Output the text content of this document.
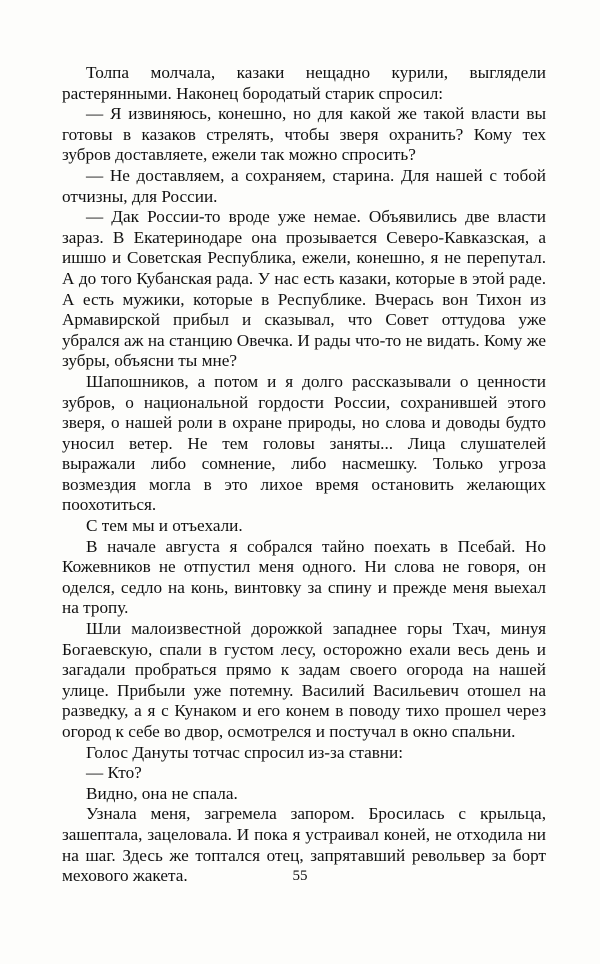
Толпа молчала, казаки нещадно курили, выглядели растерянными. Наконец бородатый старик спросил:

— Я извиняюсь, конешно, но для какой же такой власти вы готовы в казаков стрелять, чтобы зверя охранить? Кому тех зубров доставляете, ежели так можно спросить?

— Не доставляем, а сохраняем, старина. Для нашей с тобой отчизны, для России.

— Дак России-то вроде уже немае. Объявились две власти зараз. В Екатеринодаре она прозывается Северо-Кавказская, а ишшо и Советская Республика, ежели, конешно, я не перепутал. А до того Кубанская рада. У нас есть казаки, которые в этой раде. А есть мужики, которые в Республике. Вчерась вон Тихон из Армавирской прибыл и сказывал, что Совет оттудова уже убрался аж на станцию Овечка. И рады что-то не видать. Кому же зубры, объясни ты мне?

Шапошников, а потом и я долго рассказывали о ценности зубров, о национальной гордости России, сохранившей этого зверя, о нашей роли в охране природы, но слова и доводы будто уносил ветер. Не тем головы заняты... Лица слушателей выражали либо сомнение, либо насмешку. Только угроза возмездия могла в это лихое время остановить желающих поохотиться.

С тем мы и отъехали.

В начале августа я собрался тайно поехать в Псебай. Но Кожевников не отпустил меня одного. Ни слова не говоря, он оделся, седло на конь, винтовку за спину и прежде меня выехал на тропу.

Шли малоизвестной дорожкой западнее горы Тхач, минуя Богаевскую, спали в густом лесу, осторожно ехали весь день и загадали пробраться прямо к задам своего огорода на нашей улице. Прибыли уже потемну. Василий Васильевич отошел на разведку, а я с Кунаком и его конем в поводу тихо прошел через огород к себе во двор, осмотрелся и постучал в окно спальни.

Голос Дануты тотчас спросил из-за ставни:

— Кто?

Видно, она не спала.

Узнала меня, загремела запором. Бросилась с крыльца, зашептала, зацеловала. И пока я устраивал коней, не отходила ни на шаг. Здесь же топтался отец, запрятавший револьвер за борт мехового жакета.	55
